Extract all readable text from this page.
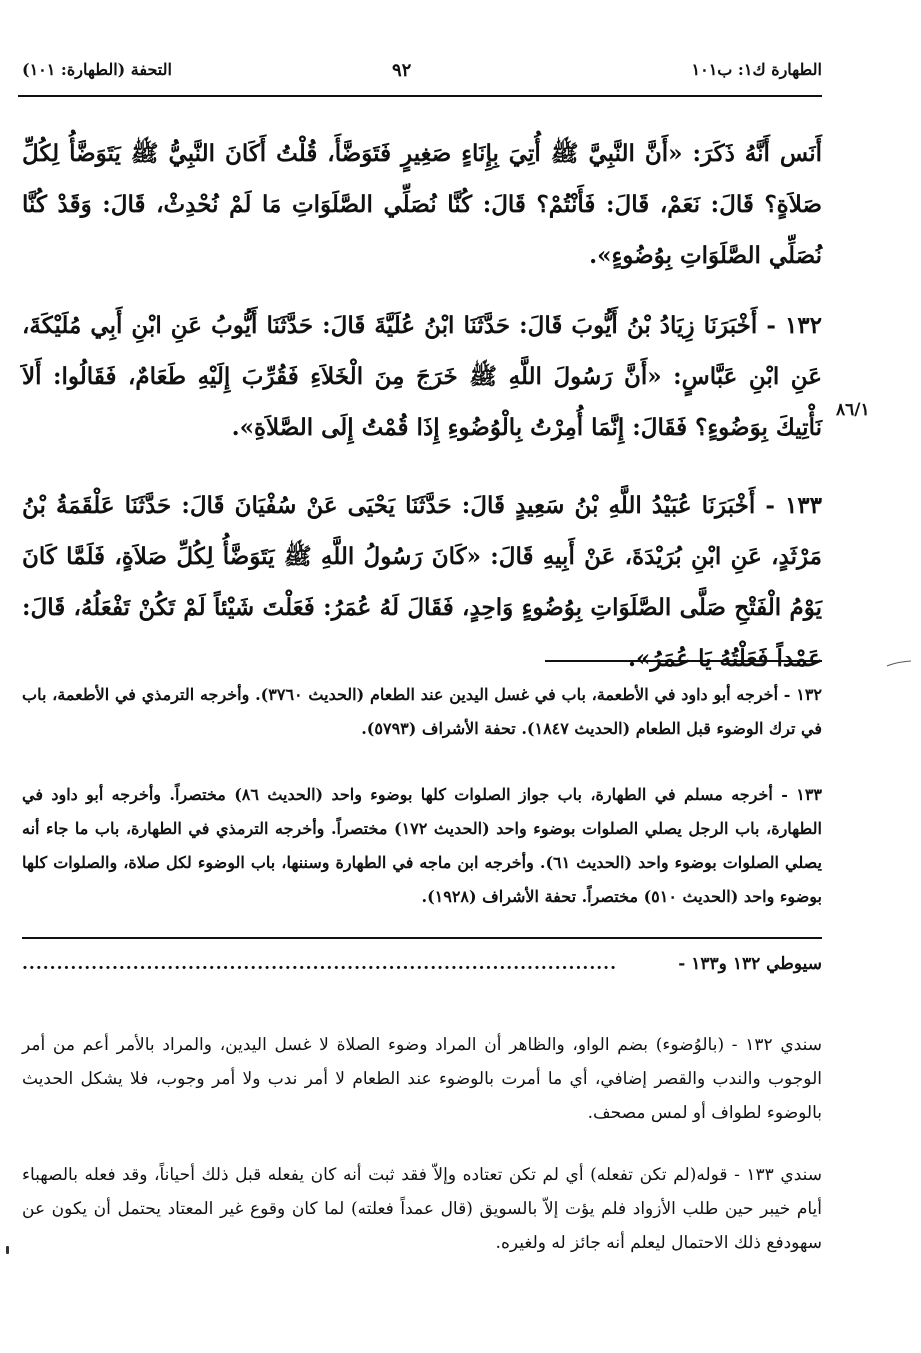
الطهارة ك١: ب١٠١
٩٢
التحفة (الطهارة: ١٠١)
أَنَس أَنَّهُ ذَكَرَ: «أَنَّ النَّبِيَّ ﷺ أُتِيَ بِإِنَاءٍ صَغِيرٍ فَتَوَضَّأَ، قُلْتُ أَكَانَ النَّبِيُّ ﷺ يَتَوَضَّأُ لِكُلِّ صَلاَةٍ؟ قَالَ: نَعَمْ، قَالَ: فَأَنْتُمْ؟ قَالَ: كُنَّا نُصَلِّي الصَّلَوَاتِ مَا لَمْ نُحْدِثْ، قَالَ: وَقَدْ كُنَّا نُصَلِّي الصَّلَوَاتِ بِوُضُوءٍ».
١٣٢ - أَخْبَرَنَا زِيَادُ بْنُ أَيُّوبَ قَالَ: حَدَّثَنَا ابْنُ عُلَيَّةَ قَالَ: حَدَّثَنَا أَيُّوبُ عَنِ ابْنِ أَبِي مُلَيْكَةَ، عَنِ ابْنِ عَبَّاسٍ: «أَنَّ رَسُولَ اللَّهِ ﷺ خَرَجَ مِنَ الْخَلاَءِ فَقُرِّبَ إِلَيْهِ طَعَامٌ، فَقَالُوا: أَلاَ نَأْتِيكَ بِوَضُوءٍ؟ فَقَالَ: إِنَّمَا أُمِرْتُ بِالْوُضُوءِ إِذَا قُمْتُ إِلَى الصَّلاَةِ».
٨٦/١
١٣٣ - أَخْبَرَنَا عُبَيْدُ اللَّهِ بْنُ سَعِيدٍ قَالَ: حَدَّثَنَا يَحْيَى عَنْ سُفْيَانَ قَالَ: حَدَّثَنَا عَلْقَمَةُ بْنُ مَرْثَدٍ، عَنِ ابْنِ بُرَيْدَةَ، عَنْ أَبِيهِ قَالَ: «كَانَ رَسُولُ اللَّهِ ﷺ يَتَوَضَّأُ لِكُلِّ صَلاَةٍ، فَلَمَّا كَانَ يَوْمُ الْفَتْحِ صَلَّى الصَّلَوَاتِ بِوُضُوءٍ وَاحِدٍ، فَقَالَ لَهُ عُمَرُ: فَعَلْتَ شَيْئاً لَمْ تَكُنْ تَفْعَلُهُ، قَالَ: عَمْداً فَعَلْتُهُ يَا عُمَرُ».
١٣٢ - أخرجه أبو داود في الأطعمة، باب في غسل اليدين عند الطعام (الحديث ٣٧٦٠). وأخرجه الترمذي في الأطعمة، باب في ترك الوضوء قبل الطعام (الحديث ١٨٤٧). تحفة الأشراف (٥٧٩٣).
١٣٣ - أخرجه مسلم في الطهارة، باب جواز الصلوات كلها بوضوء واحد (الحديث ٨٦) مختصراً. وأخرجه أبو داود في الطهارة، باب الرجل يصلي الصلوات بوضوء واحد (الحديث ١٧٢) مختصراً. وأخرجه الترمذي في الطهارة، باب ما جاء أنه يصلي الصلوات بوضوء واحد (الحديث ٦١). وأخرجه ابن ماجه في الطهارة وسننها، باب الوضوء لكل صلاة، والصلوات كلها بوضوء واحد (الحديث ٥١٠) مختصراً. تحفة الأشراف (١٩٢٨).
سيوطي ١٣٢ و١٣٣ -
......................................................................................
سندي ١٣٢ - (بالوُضوء) بضم الواو، والظاهر أن المراد وضوء الصلاة لا غسل اليدين، والمراد بالأمر أعم من أمر الوجوب والندب والقصر إضافي، أي ما أمرت بالوضوء عند الطعام لا أمر ندب ولا أمر وجوب، فلا يشكل الحديث بالوضوء لطواف أو لمس مصحف.
سندي ١٣٣ - قوله(لم تكن تفعله) أي لم تكن تعتاده وإلاّ فقد ثبت أنه كان يفعله قبل ذلك أحياناً، وقد فعله بالصهباء أيام خيبر حين طلب الأزواد فلم يؤت إلاّ بالسويق (قال عمداً فعلته) لما كان وقوع غير المعتاد يحتمل أن يكون عن سهودفع ذلك الاحتمال ليعلم أنه جائز له ولغيره.
